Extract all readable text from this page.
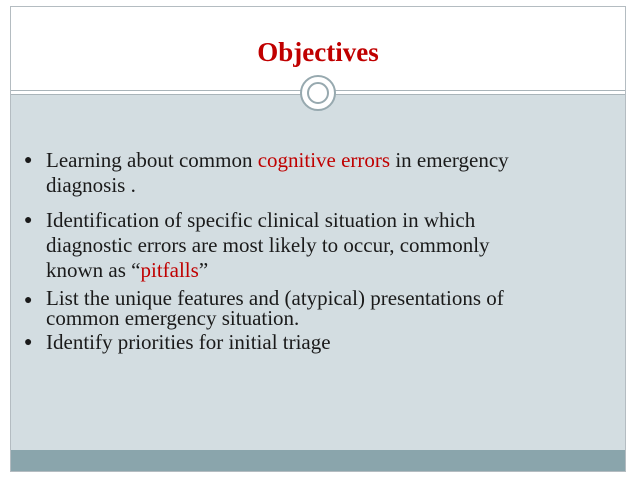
Objectives
● Learning about common cognitive errors in emergency
diagnosis .
● Identification of specific clinical situation in which
diagnostic errors are most likely to occur, commonly
known as “pitfalls”
● List the unique features and (atypical) presentations of
common emergency situation.
● Identify priorities for initial triage
